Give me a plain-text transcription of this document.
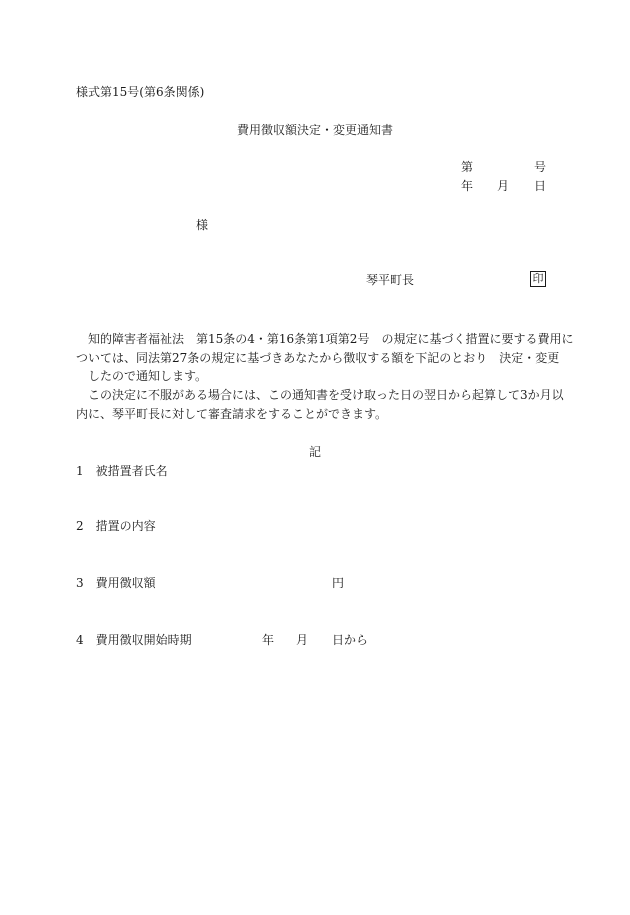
様式第15号(第6条関係)
費用徴収額決定・変更通知書
第	号
年 月 日
様
琴平町長	印
　知的障害者福祉法　第15条の4・第16条第1項第2号　の規定に基づく措置に要する費用に
ついては、同法第27条の規定に基づきあなたから徴収する額を下記のとおり　決定・変更
　したので通知します。
　この決定に不服がある場合には、この通知書を受け取った日の翌日から起算して3か月以
内に、琴平町長に対して審査請求をすることができます。
記
1　被措置者氏名
2　措置の内容
3　費用徴収額	円
4　費用徴収開始時期	年 月 日から
